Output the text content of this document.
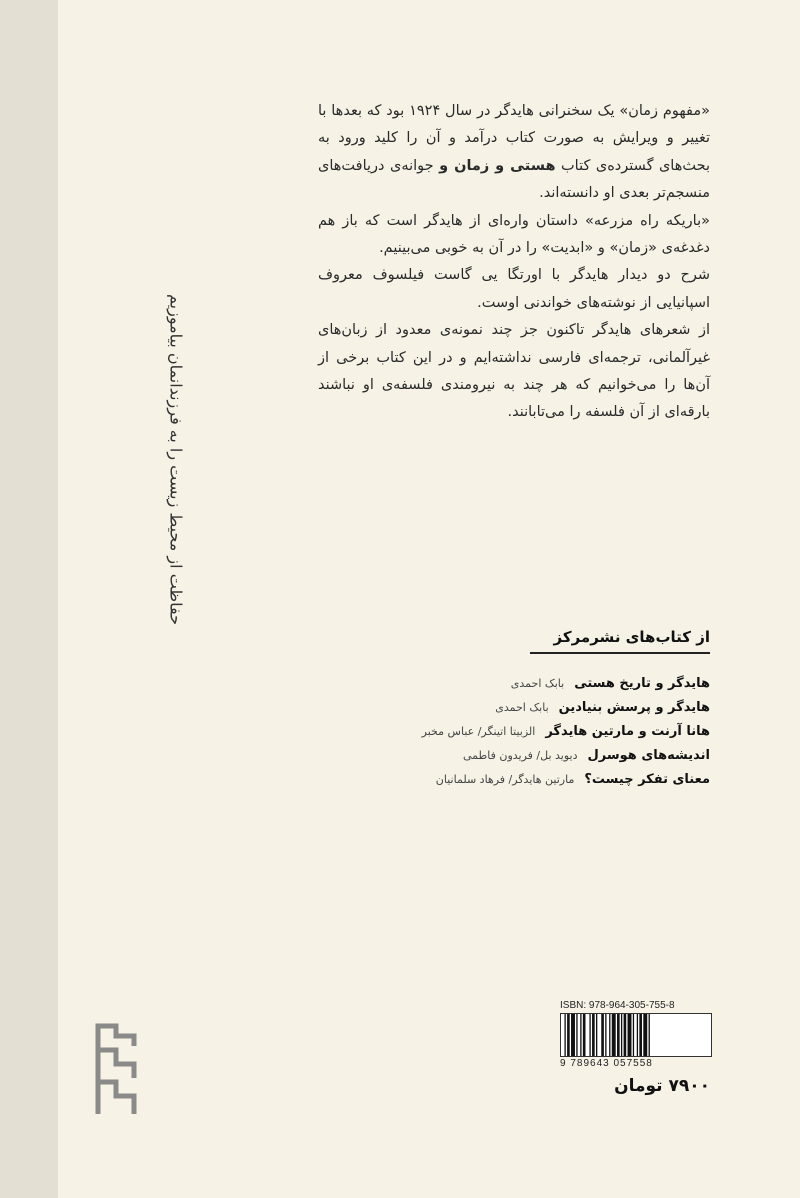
حفاظت از محیط زیست را به فرزندانمان بیاموزیم

«مفهوم زمان» یک سخنرانی هایدگر در سال ۱۹۲۴ بود که بعدها با تغییر و ویرایش به صورت کتاب درآمد و آن را کلید ورود به بحث‌های گسترده‌ی کتاب هستی و زمان و جوانه‌ی دریافت‌های منسجم‌تر بعدی او دانسته‌اند.

«باریکه راه مزرعه» داستان واره‌ای از هایدگر است که باز هم دغدغه‌ی «زمان» و «ابدیت» را در آن به خوبی می‌بینیم.

شرح دو دیدار هایدگر با اورتگا یی گاست فیلسوف معروف اسپانیایی از نوشته‌های خواندنی اوست.

از شعرهای هایدگر تاکنون جز چند نمونه‌ی معدود از زبان‌های غیرآلمانی، ترجمه‌ای فارسی نداشته‌ایم و در این کتاب برخی از آن‌ها را می‌خوانیم که هر چند به نیرومندی فلسفه‌ی او نباشند بارقه‌ای از آن فلسفه را می‌تابانند.

از کتاب‌های نشرمرکز
هایدگر و تاریخ هستی
بابک احمدی
هایدگر و پرسش بنیادین
بابک احمدی
هانا آرنت و مارتین هایدگر
الزبیتا اتینگر/ عباس مخبر
اندیشه‌های هوسرل
دیوید بل/ فریدون فاطمی
معنای تفکر چیست؟
مارتین هایدگر/ فرهاد سلمانیان
ISBN: 978-964-305-755-8
9 789643 057558
۷۹۰۰ تومان
